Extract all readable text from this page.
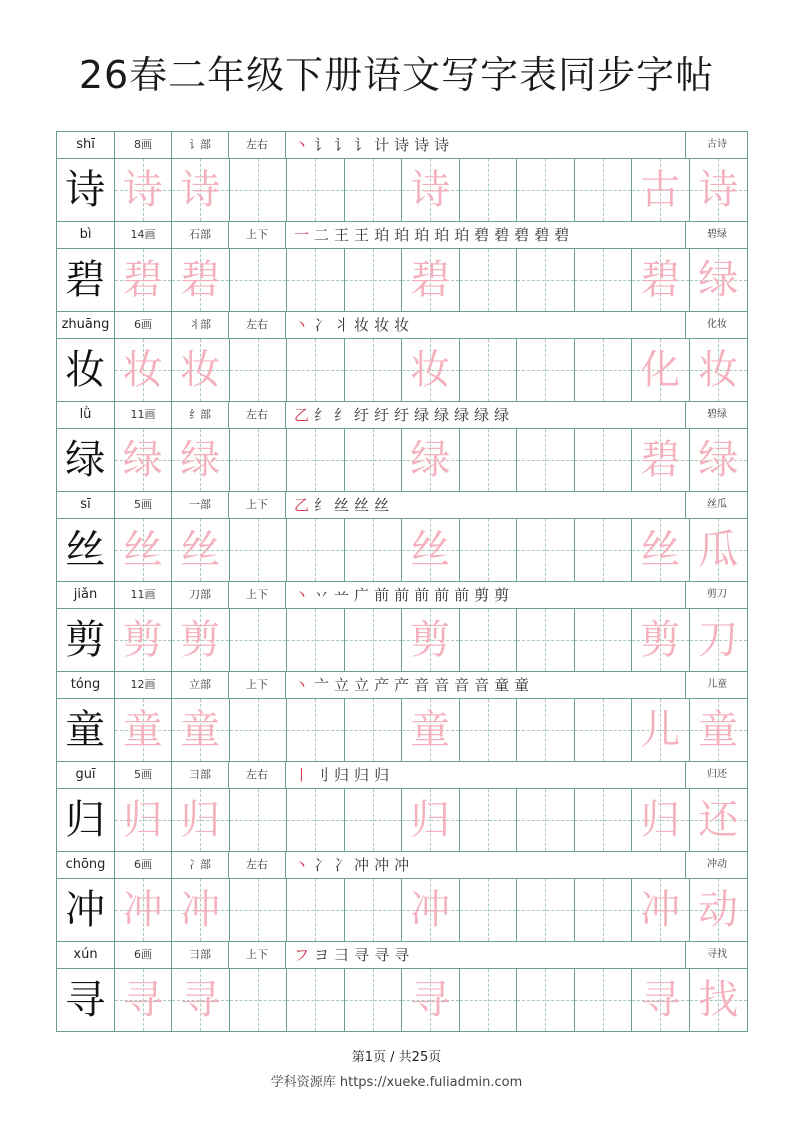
26春二年级下册语文写字表同步字帖
shī	8画	讠部	左右	丶 讠 讠 讠 计 诗 诗 诗	古诗
诗 诗 诗	诗	古 诗
bì	14画	石部	上下	一 二 王 王 珀 珀 珀 珀 珀 碧 碧 碧 碧 碧	碧绿
碧 碧 碧	碧	碧 绿
zhuāng	6画	丬部	左右	丶 冫 丬 妆 妆 妆	化妆
妆 妆 妆	妆	化 妆
lǜ	11画	纟部	左右	乙 纟 纟 纡 纡 纡 绿 绿 绿 绿 绿	碧绿
绿 绿 绿	绿	碧 绿
sī	5画	一部	上下	乙 纟 丝 丝 丝	丝瓜
丝 丝 丝	丝	丝 瓜
jiǎn	11画	刀部	上下	丶 丷 䒑 广 前 前 前 前 前 剪 剪	剪刀
剪 剪 剪	剪	剪 刀
tóng	12画	立部	上下	丶 亠 立 立 产 产 音 音 音 音 童 童	儿童
童 童 童	童	儿 童
guī	5画	彐部	左右	丨 刂 归 归 归	归还
归 归 归	归	归 还
chōng	6画	冫部	左右	丶 冫 冫 冲 冲 冲	冲动
冲 冲 冲	冲	冲 动
xún	6画	彐部	上下	フ ヨ 彐 寻 寻 寻	寻找
寻 寻 寻	寻	寻 找
第1页 / 共25页
学科资源库 https://xueke.fuliadmin.com
